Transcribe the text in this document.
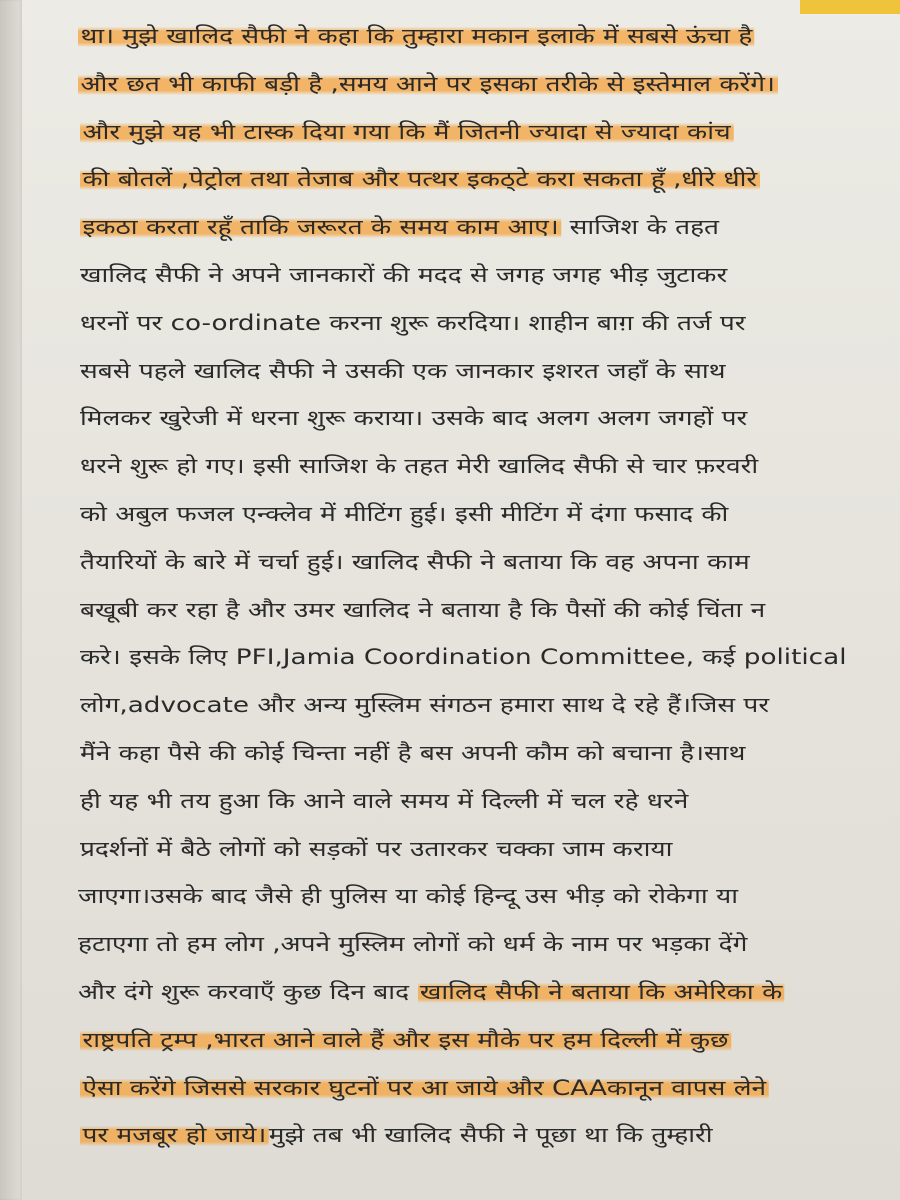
था। मुझे खालिद सैफी ने कहा कि तुम्हारा मकान इलाके में सबसे ऊंचा है
और छत भी काफी बड़ी है ,समय आने पर इसका तरीके से इस्तेमाल करेंगे।
और मुझे यह भी टास्क दिया गया कि मैं जितनी ज्यादा से ज्यादा कांच
की बोतलें ,पेट्रोल तथा तेजाब और पत्थर इकठ्टे करा सकता हूँ ,धीरे धीरे
इकठा करता रहूँ ताकि जरूरत के समय काम आए। साजिश के तहत
खालिद सैफी ने अपने जानकारों की मदद से जगह जगह भीड़ जुटाकर
धरनों पर co-ordinate करना शुरू करदिया। शाहीन बाग़ की तर्ज पर
सबसे पहले खालिद सैफी ने उसकी एक जानकार इशरत जहाँ के साथ
मिलकर खुरेजी में धरना शुरू कराया। उसके बाद अलग अलग जगहों पर
धरने शुरू हो गए। इसी साजिश के तहत मेरी खालिद सैफी से चार फ़रवरी
को अबुल फजल एन्क्लेव में मीटिंग हुई। इसी मीटिंग में दंगा फसाद की
तैयारियों के बारे में चर्चा हुई। खालिद सैफी ने बताया कि वह अपना काम
बखूबी कर रहा है और उमर खालिद ने बताया है कि पैसों की कोई चिंता न
करे। इसके लिए PFI,Jamia Coordination Committee, कई political
लोग,advocate और अन्य मुस्लिम संगठन हमारा साथ दे रहे हैं।जिस पर
मैंने कहा पैसे की कोई चिन्ता नहीं है बस अपनी कौम को बचाना है।साथ
ही यह भी तय हुआ कि आने वाले समय में दिल्ली में चल रहे धरने
प्रदर्शनों में बैठे लोगों को सड़कों पर उतारकर चक्का जाम कराया
जाएगा।उसके बाद जैसे ही पुलिस या कोई हिन्दू उस भीड़ को रोकेगा या
हटाएगा तो हम लोग ,अपने मुस्लिम लोगों को धर्म के नाम पर भड़का देंगे
और दंगे शुरू करवाएँ कुछ दिन बाद खालिद सैफी ने बताया कि अमेरिका के
राष्ट्रपति ट्रम्प ,भारत आने वाले हैं और इस मौके पर हम दिल्ली में कुछ
ऐसा करेंगे जिससे सरकार घुटनों पर आ जाये और CAAकानून वापस लेने
पर मजबूर हो जाये। मुझे तब भी खालिद सैफी ने पूछा था कि तुम्हारी
